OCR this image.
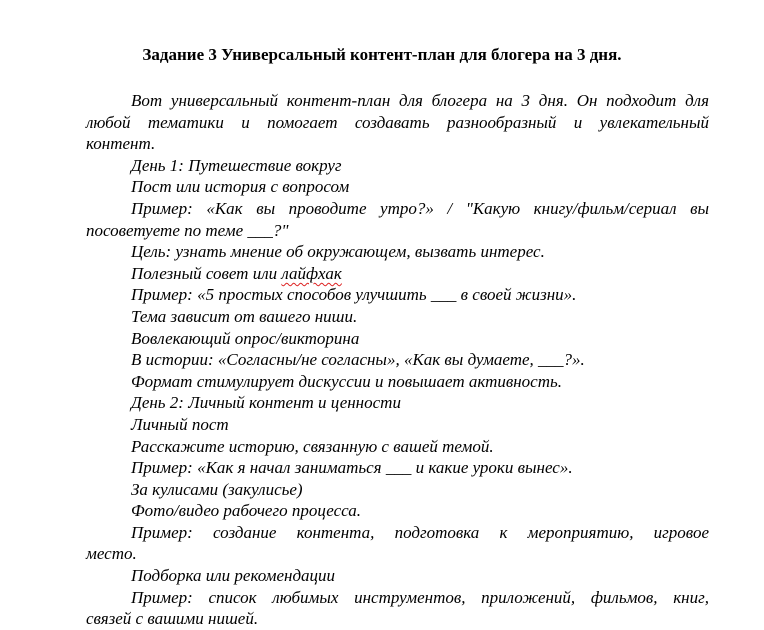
Задание 3 Универсальный контент-план для блогера на 3 дня.
Вот универсальный контент-план для блогера на 3 дня. Он подходит для
любой тематики и помогает создавать разнообразный и увлекательный
контент.
День 1: Путешествие вокруг
Пост или история с вопросом
Пример: «Как вы проводите утро?» / "Какую книгу/фильм/сериал вы
посоветуете по теме ___?"
Цель: узнать мнение об окружающем, вызвать интерес.
Полезный совет или лайфхак
Пример: «5 простых способов улучшить ___ в своей жизни».
Тема зависит от вашего ниши.
Вовлекающий опрос/викторина
В истории: «Согласны/не согласны», «Как вы думаете, ___?».
Формат стимулирует дискуссии и повышает активность.
День 2: Личный контент и ценности
Личный пост
Расскажите историю, связанную с вашей темой.
Пример: «Как я начал заниматься ___ и какие уроки вынес».
За кулисами (закулисье)
Фото/видео рабочего процесса.
Пример: создание контента, подготовка к мероприятию, игровое
место.
Подборка или рекомендации
Пример: список любимых инструментов, приложений, фильмов, книг,
связей с вашими нишей.
